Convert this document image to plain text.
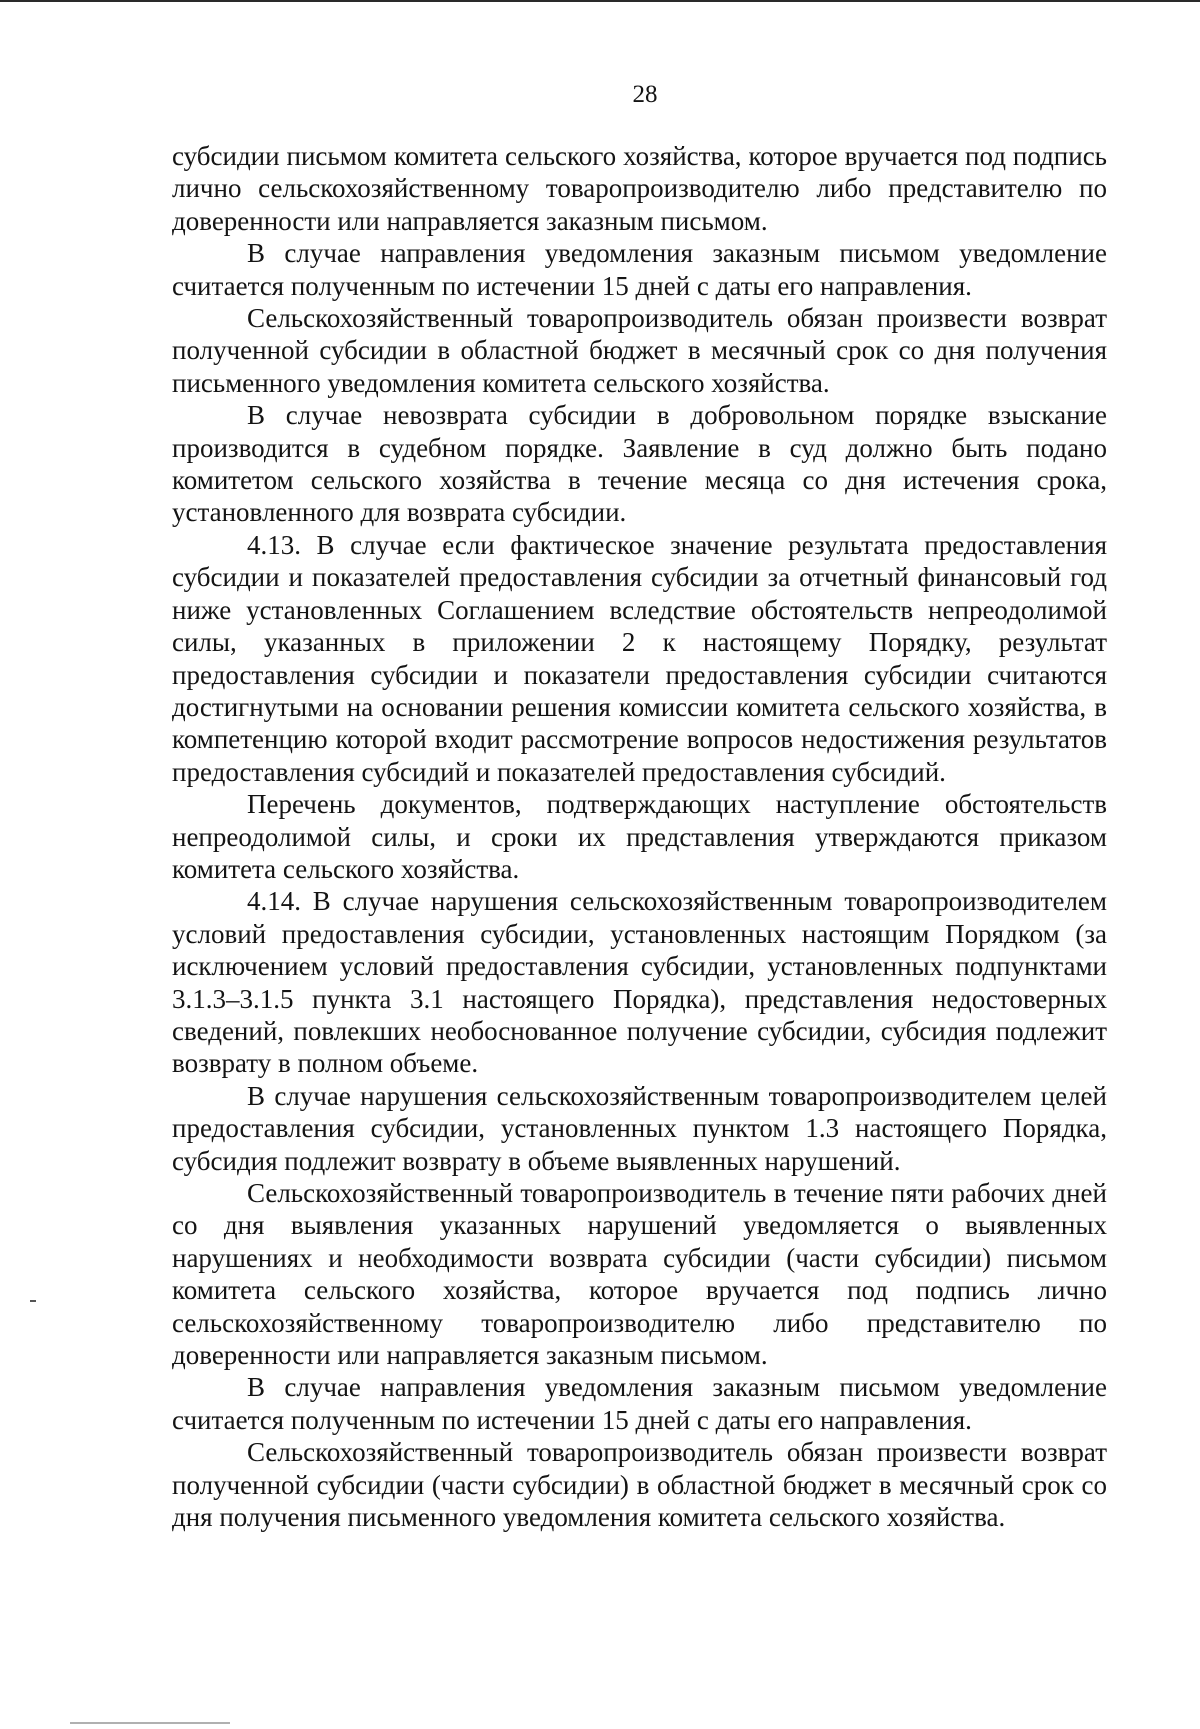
28

субсидии письмом комитета сельского хозяйства, которое вручается под подпись лично сельскохозяйственному товаропроизводителю либо представителю по доверенности или направляется заказным письмом.

В случае направления уведомления заказным письмом уведомление считается полученным по истечении 15 дней с даты его направления.

Сельскохозяйственный товаропроизводитель обязан произвести возврат полученной субсидии в областной бюджет в месячный срок со дня получения письменного уведомления комитета сельского хозяйства.

В случае невозврата субсидии в добровольном порядке взыскание производится в судебном порядке. Заявление в суд должно быть подано комитетом сельского хозяйства в течение месяца со дня истечения срока, установленного для возврата субсидии.

4.13. В случае если фактическое значение результата предоставления субсидии и показателей предоставления субсидии за отчетный финансовый год ниже установленных Соглашением вследствие обстоятельств непреодолимой силы, указанных в приложении 2 к настоящему Порядку, результат предоставления субсидии и показатели предоставления субсидии считаются достигнутыми на основании решения комиссии комитета сельского хозяйства, в компетенцию которой входит рассмотрение вопросов недостижения результатов предоставления субсидий и показателей предоставления субсидий.

Перечень документов, подтверждающих наступление обстоятельств непреодолимой силы, и сроки их представления утверждаются приказом комитета сельского хозяйства.

4.14. В случае нарушения сельскохозяйственным товаропроизводителем условий предоставления субсидии, установленных настоящим Порядком (за исключением условий предоставления субсидии, установленных подпунктами 3.1.3–3.1.5 пункта 3.1 настоящего Порядка), представления недостоверных сведений, повлекших необоснованное получение субсидии, субсидия подлежит возврату в полном объеме.

В случае нарушения сельскохозяйственным товаропроизводителем целей предоставления субсидии, установленных пунктом 1.3 настоящего Порядка, субсидия подлежит возврату в объеме выявленных нарушений.

Сельскохозяйственный товаропроизводитель в течение пяти рабочих дней со дня выявления указанных нарушений уведомляется о выявленных нарушениях и необходимости возврата субсидии (части субсидии) письмом комитета сельского хозяйства, которое вручается под подпись лично сельскохозяйственному товаропроизводителю либо представителю по доверенности или направляется заказным письмом.

В случае направления уведомления заказным письмом уведомление считается полученным по истечении 15 дней с даты его направления.

Сельскохозяйственный товаропроизводитель обязан произвести возврат полученной субсидии (части субсидии) в областной бюджет в месячный срок со дня получения письменного уведомления комитета сельского хозяйства.
